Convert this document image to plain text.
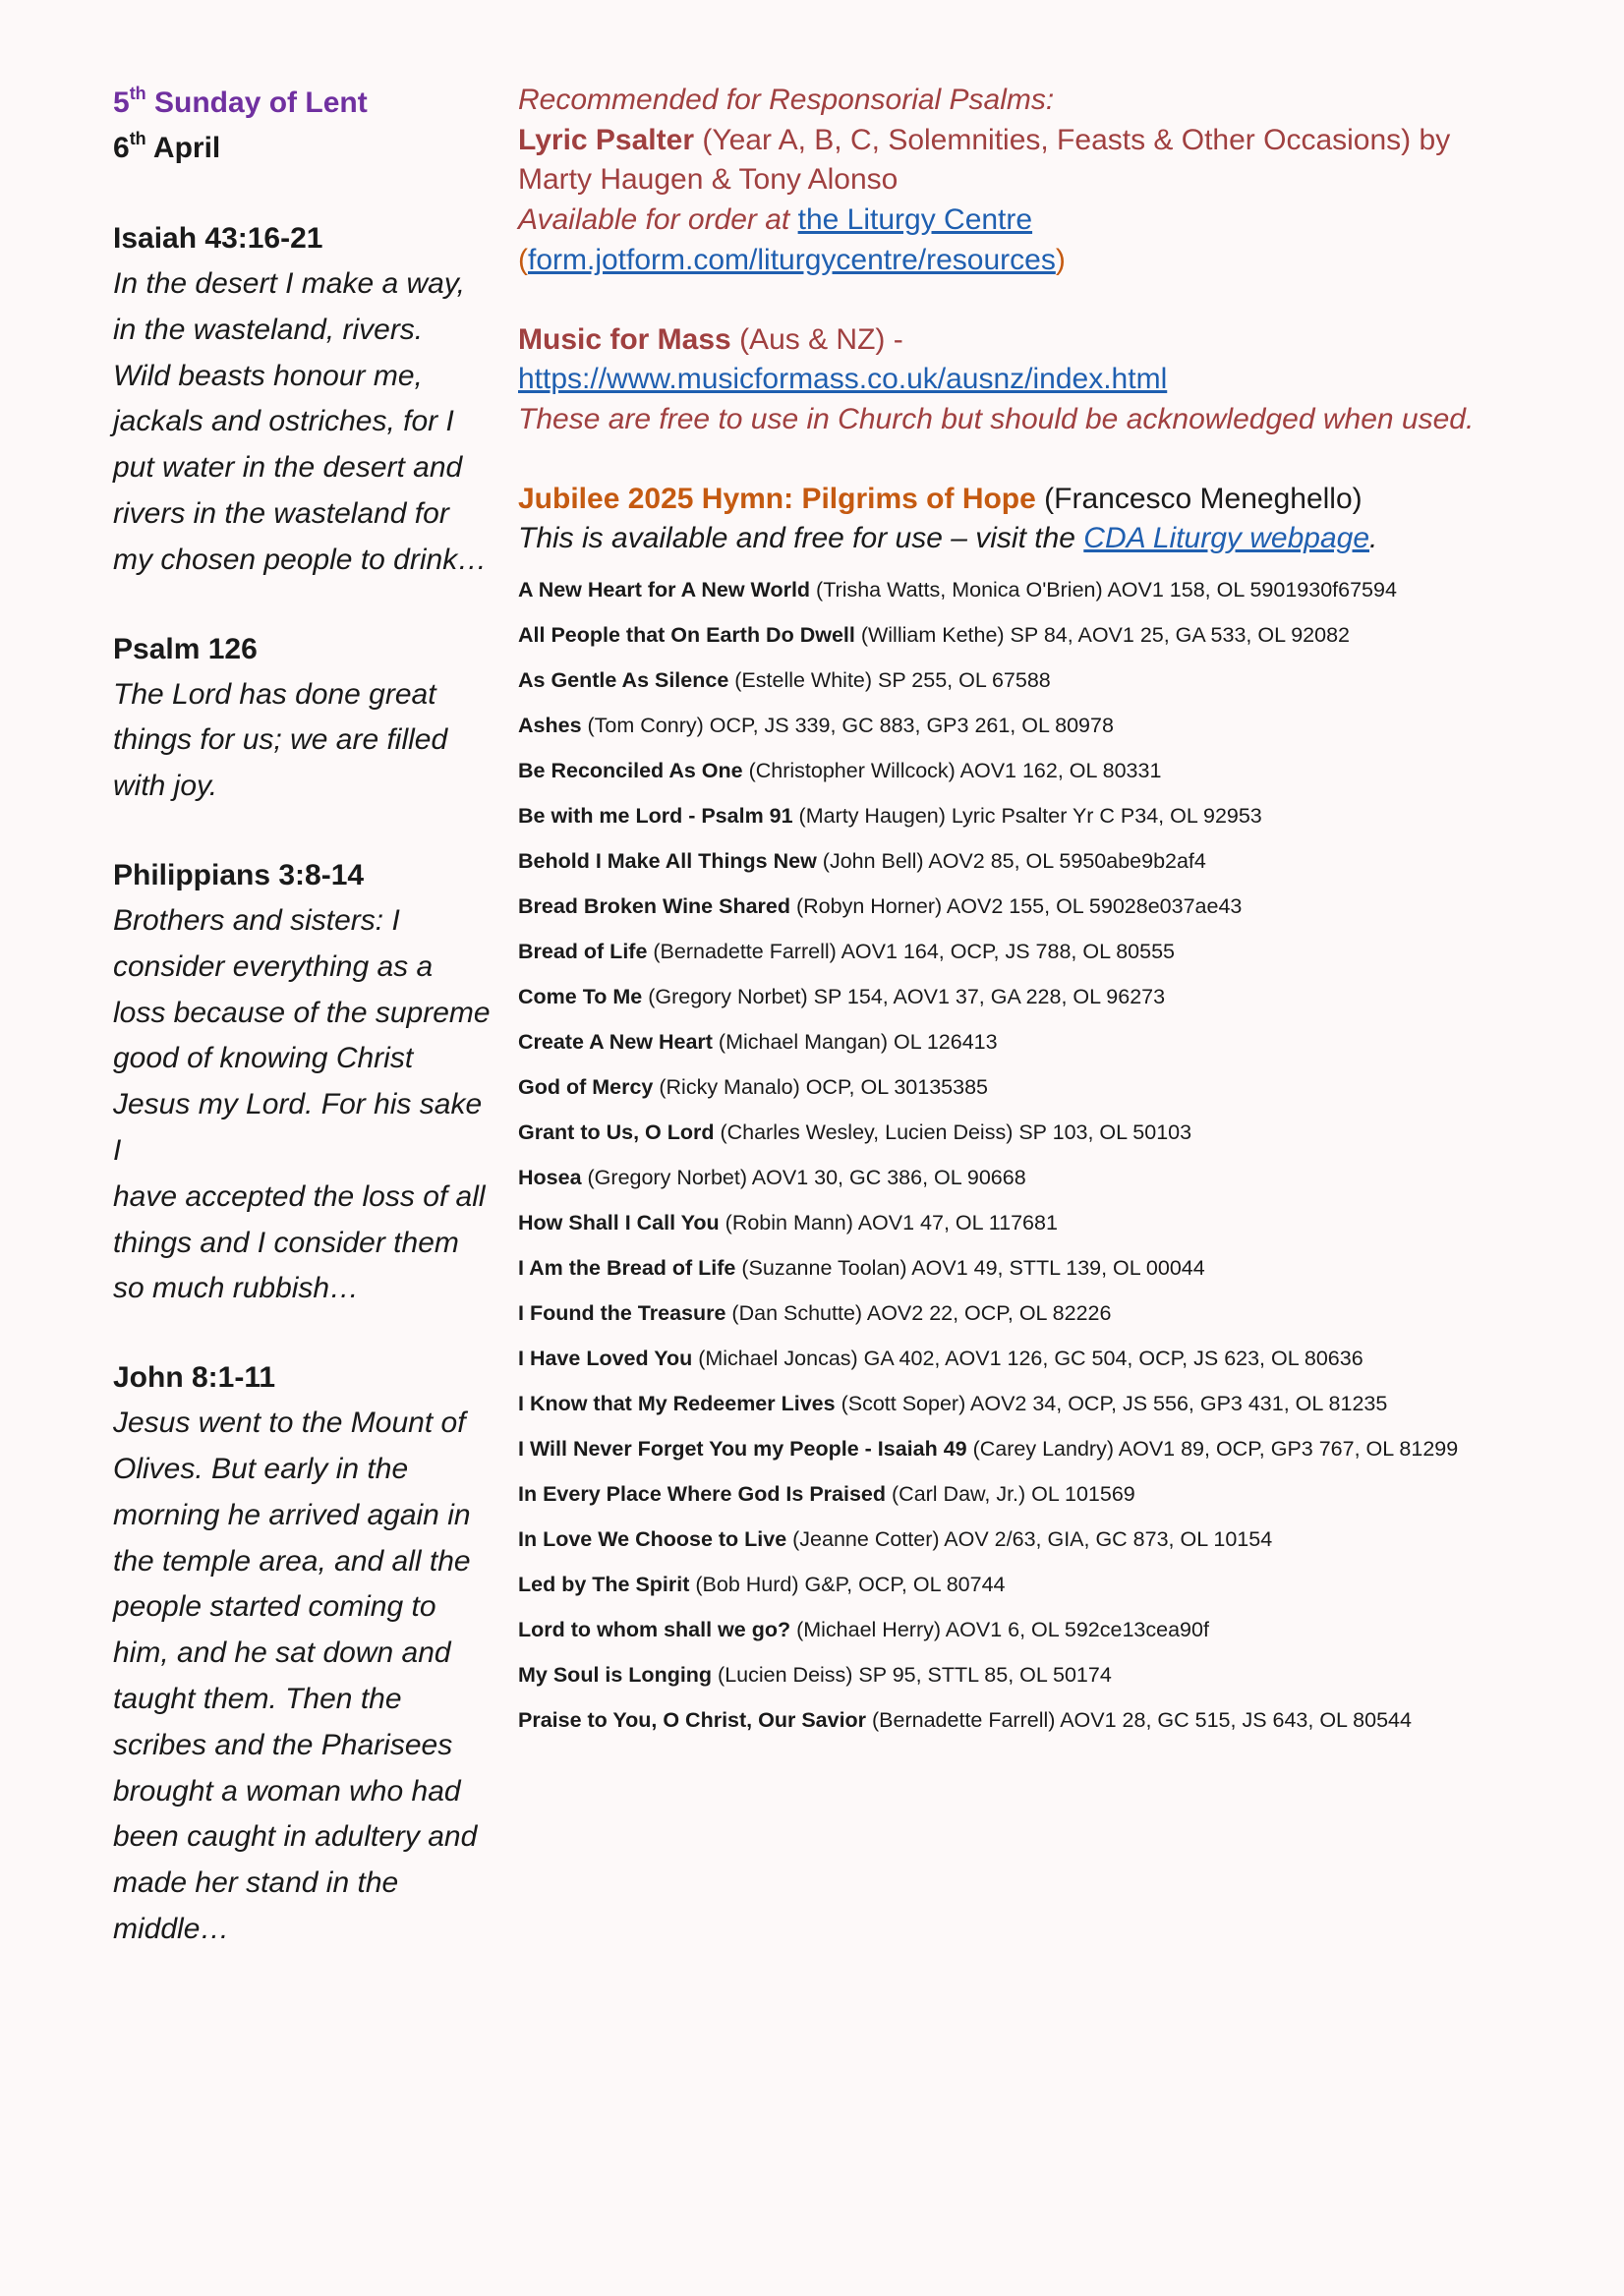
5th Sunday of Lent
6th April
Isaiah 43:16-21
In the desert I make a way,
in the wasteland, rivers.
Wild beasts honour me,
jackals and ostriches, for I
put water in the desert and
rivers in the wasteland for
my chosen people to drink…
Psalm 126
The Lord has done great
things for us; we are filled
with joy.
Philippians 3:8-14
Brothers and sisters: I
consider everything as a
loss because of the supreme
good of knowing Christ
Jesus my Lord. For his sake I
have accepted the loss of all
things and I consider them
so much rubbish…
John 8:1-11
Jesus went to the Mount of
Olives. But early in the
morning he arrived again in
the temple area, and all the
people started coming to
him, and he sat down and
taught them. Then the
scribes and the Pharisees
brought a woman who had
been caught in adultery and
made her stand in the
middle…
Recommended for Responsorial Psalms:
Lyric Psalter (Year A, B, C, Solemnities, Feasts & Other Occasions) by
Marty Haugen & Tony Alonso
Available for order at the Liturgy Centre
(form.jotform.com/liturgycentre/resources)
Music for Mass (Aus & NZ) -
https://www.musicformass.co.uk/ausnz/index.html
These are free to use in Church but should be acknowledged when used.
Jubilee 2025 Hymn: Pilgrims of Hope (Francesco Meneghello)
This is available and free for use – visit the CDA Liturgy webpage.
A New Heart for A New World (Trisha Watts, Monica O'Brien) AOV1 158, OL 5901930f67594
All People that On Earth Do Dwell (William Kethe) SP 84, AOV1 25, GA 533, OL 92082
As Gentle As Silence (Estelle White) SP 255, OL 67588
Ashes (Tom Conry) OCP, JS 339, GC 883, GP3 261, OL 80978
Be Reconciled As One (Christopher Willcock) AOV1 162, OL 80331
Be with me Lord - Psalm 91 (Marty Haugen) Lyric Psalter Yr C P34, OL 92953
Behold I Make All Things New (John Bell) AOV2 85, OL 5950abe9b2af4
Bread Broken Wine Shared (Robyn Horner) AOV2 155, OL 59028e037ae43
Bread of Life (Bernadette Farrell) AOV1 164, OCP, JS 788, OL 80555
Come To Me (Gregory Norbet) SP 154, AOV1 37, GA 228, OL 96273
Create A New Heart (Michael Mangan) OL 126413
God of Mercy (Ricky Manalo) OCP, OL 30135385
Grant to Us, O Lord (Charles Wesley, Lucien Deiss) SP 103, OL 50103
Hosea (Gregory Norbet) AOV1 30, GC 386, OL 90668
How Shall I Call You (Robin Mann) AOV1 47, OL 117681
I Am the Bread of Life (Suzanne Toolan) AOV1 49, STTL 139, OL 00044
I Found the Treasure (Dan Schutte) AOV2 22, OCP, OL 82226
I Have Loved You (Michael Joncas) GA 402, AOV1 126, GC 504, OCP, JS 623, OL 80636
I Know that My Redeemer Lives (Scott Soper) AOV2 34, OCP, JS 556, GP3 431, OL 81235
I Will Never Forget You my People - Isaiah 49 (Carey Landry) AOV1 89, OCP, GP3 767, OL 81299
In Every Place Where God Is Praised (Carl Daw, Jr.) OL 101569
In Love We Choose to Live (Jeanne Cotter) AOV 2/63, GIA, GC 873, OL 10154
Led by The Spirit (Bob Hurd) G&P, OCP, OL 80744
Lord to whom shall we go? (Michael Herry) AOV1 6, OL 592ce13cea90f
My Soul is Longing (Lucien Deiss) SP 95, STTL 85, OL 50174
Praise to You, O Christ, Our Savior (Bernadette Farrell) AOV1 28, GC 515, JS 643, OL 80544
